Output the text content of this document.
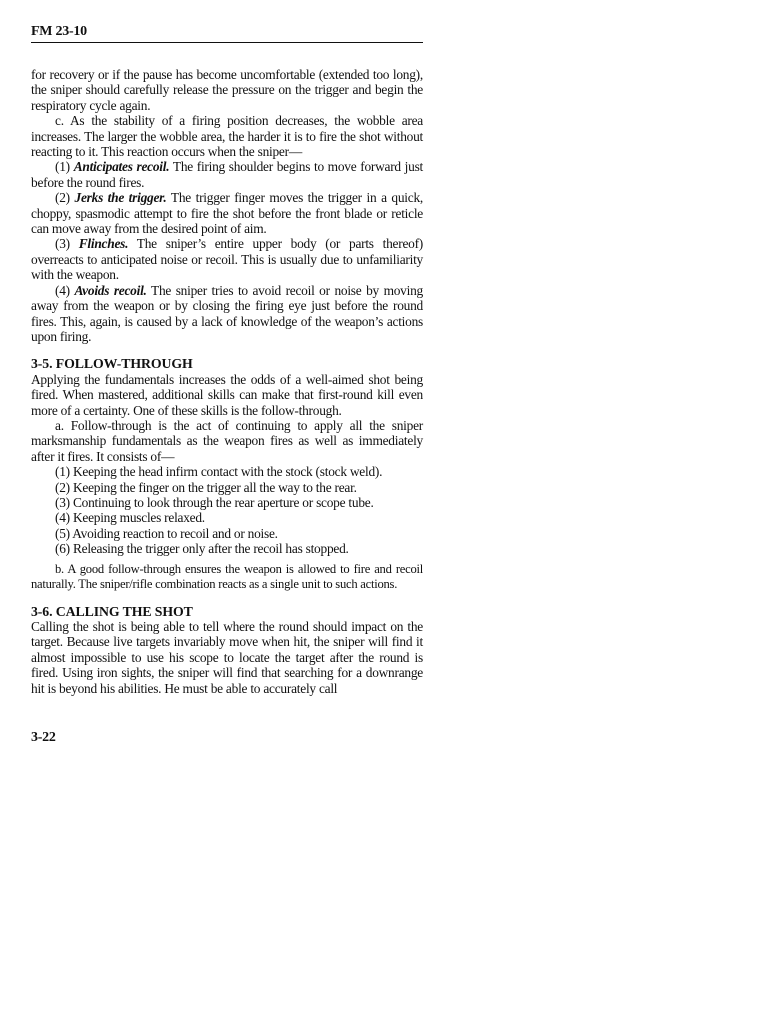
FM 23-10

for recovery or if the pause has become uncomfortable (extended too long), the sniper should carefully release the pressure on the trigger and begin the respiratory cycle again.

c. As the stability of a firing position decreases, the wobble area increases. The larger the wobble area, the harder it is to fire the shot without reacting to it. This reaction occurs when the sniper—

(1) Anticipates recoil. The firing shoulder begins to move forward just before the round fires.

(2) Jerks the trigger. The trigger finger moves the trigger in a quick, choppy, spasmodic attempt to fire the shot before the front blade or reticle can move away from the desired point of aim.

(3) Flinches. The sniper’s entire upper body (or parts thereof) overreacts to anticipated noise or recoil. This is usually due to unfamiliarity with the weapon.

(4) Avoids recoil. The sniper tries to avoid recoil or noise by moving away from the weapon or by closing the firing eye just before the round fires. This, again, is caused by a lack of knowledge of the weapon’s actions upon firing.

3-5. FOLLOW-THROUGH

Applying the fundamentals increases the odds of a well-aimed shot being fired. When mastered, additional skills can make that first-round kill even more of a certainty. One of these skills is the follow-through.

a. Follow-through is the act of continuing to apply all the sniper marksmanship fundamentals as the weapon fires as well as immediately after it fires. It consists of—

(1) Keeping the head infirm contact with the stock (stock weld).
(2) Keeping the finger on the trigger all the way to the rear.
(3) Continuing to look through the rear aperture or scope tube.
(4) Keeping muscles relaxed.
(5) Avoiding reaction to recoil and or noise.
(6) Releasing the trigger only after the recoil has stopped.

b. A good follow-through ensures the weapon is allowed to fire and recoil naturally. The sniper/rifle combination reacts as a single unit to such actions.

3-6. CALLING THE SHOT

Calling the shot is being able to tell where the round should impact on the target. Because live targets invariably move when hit, the sniper will find it almost impossible to use his scope to locate the target after the round is fired. Using iron sights, the sniper will find that searching for a downrange hit is beyond his abilities. He must be able to accurately call

3-22
